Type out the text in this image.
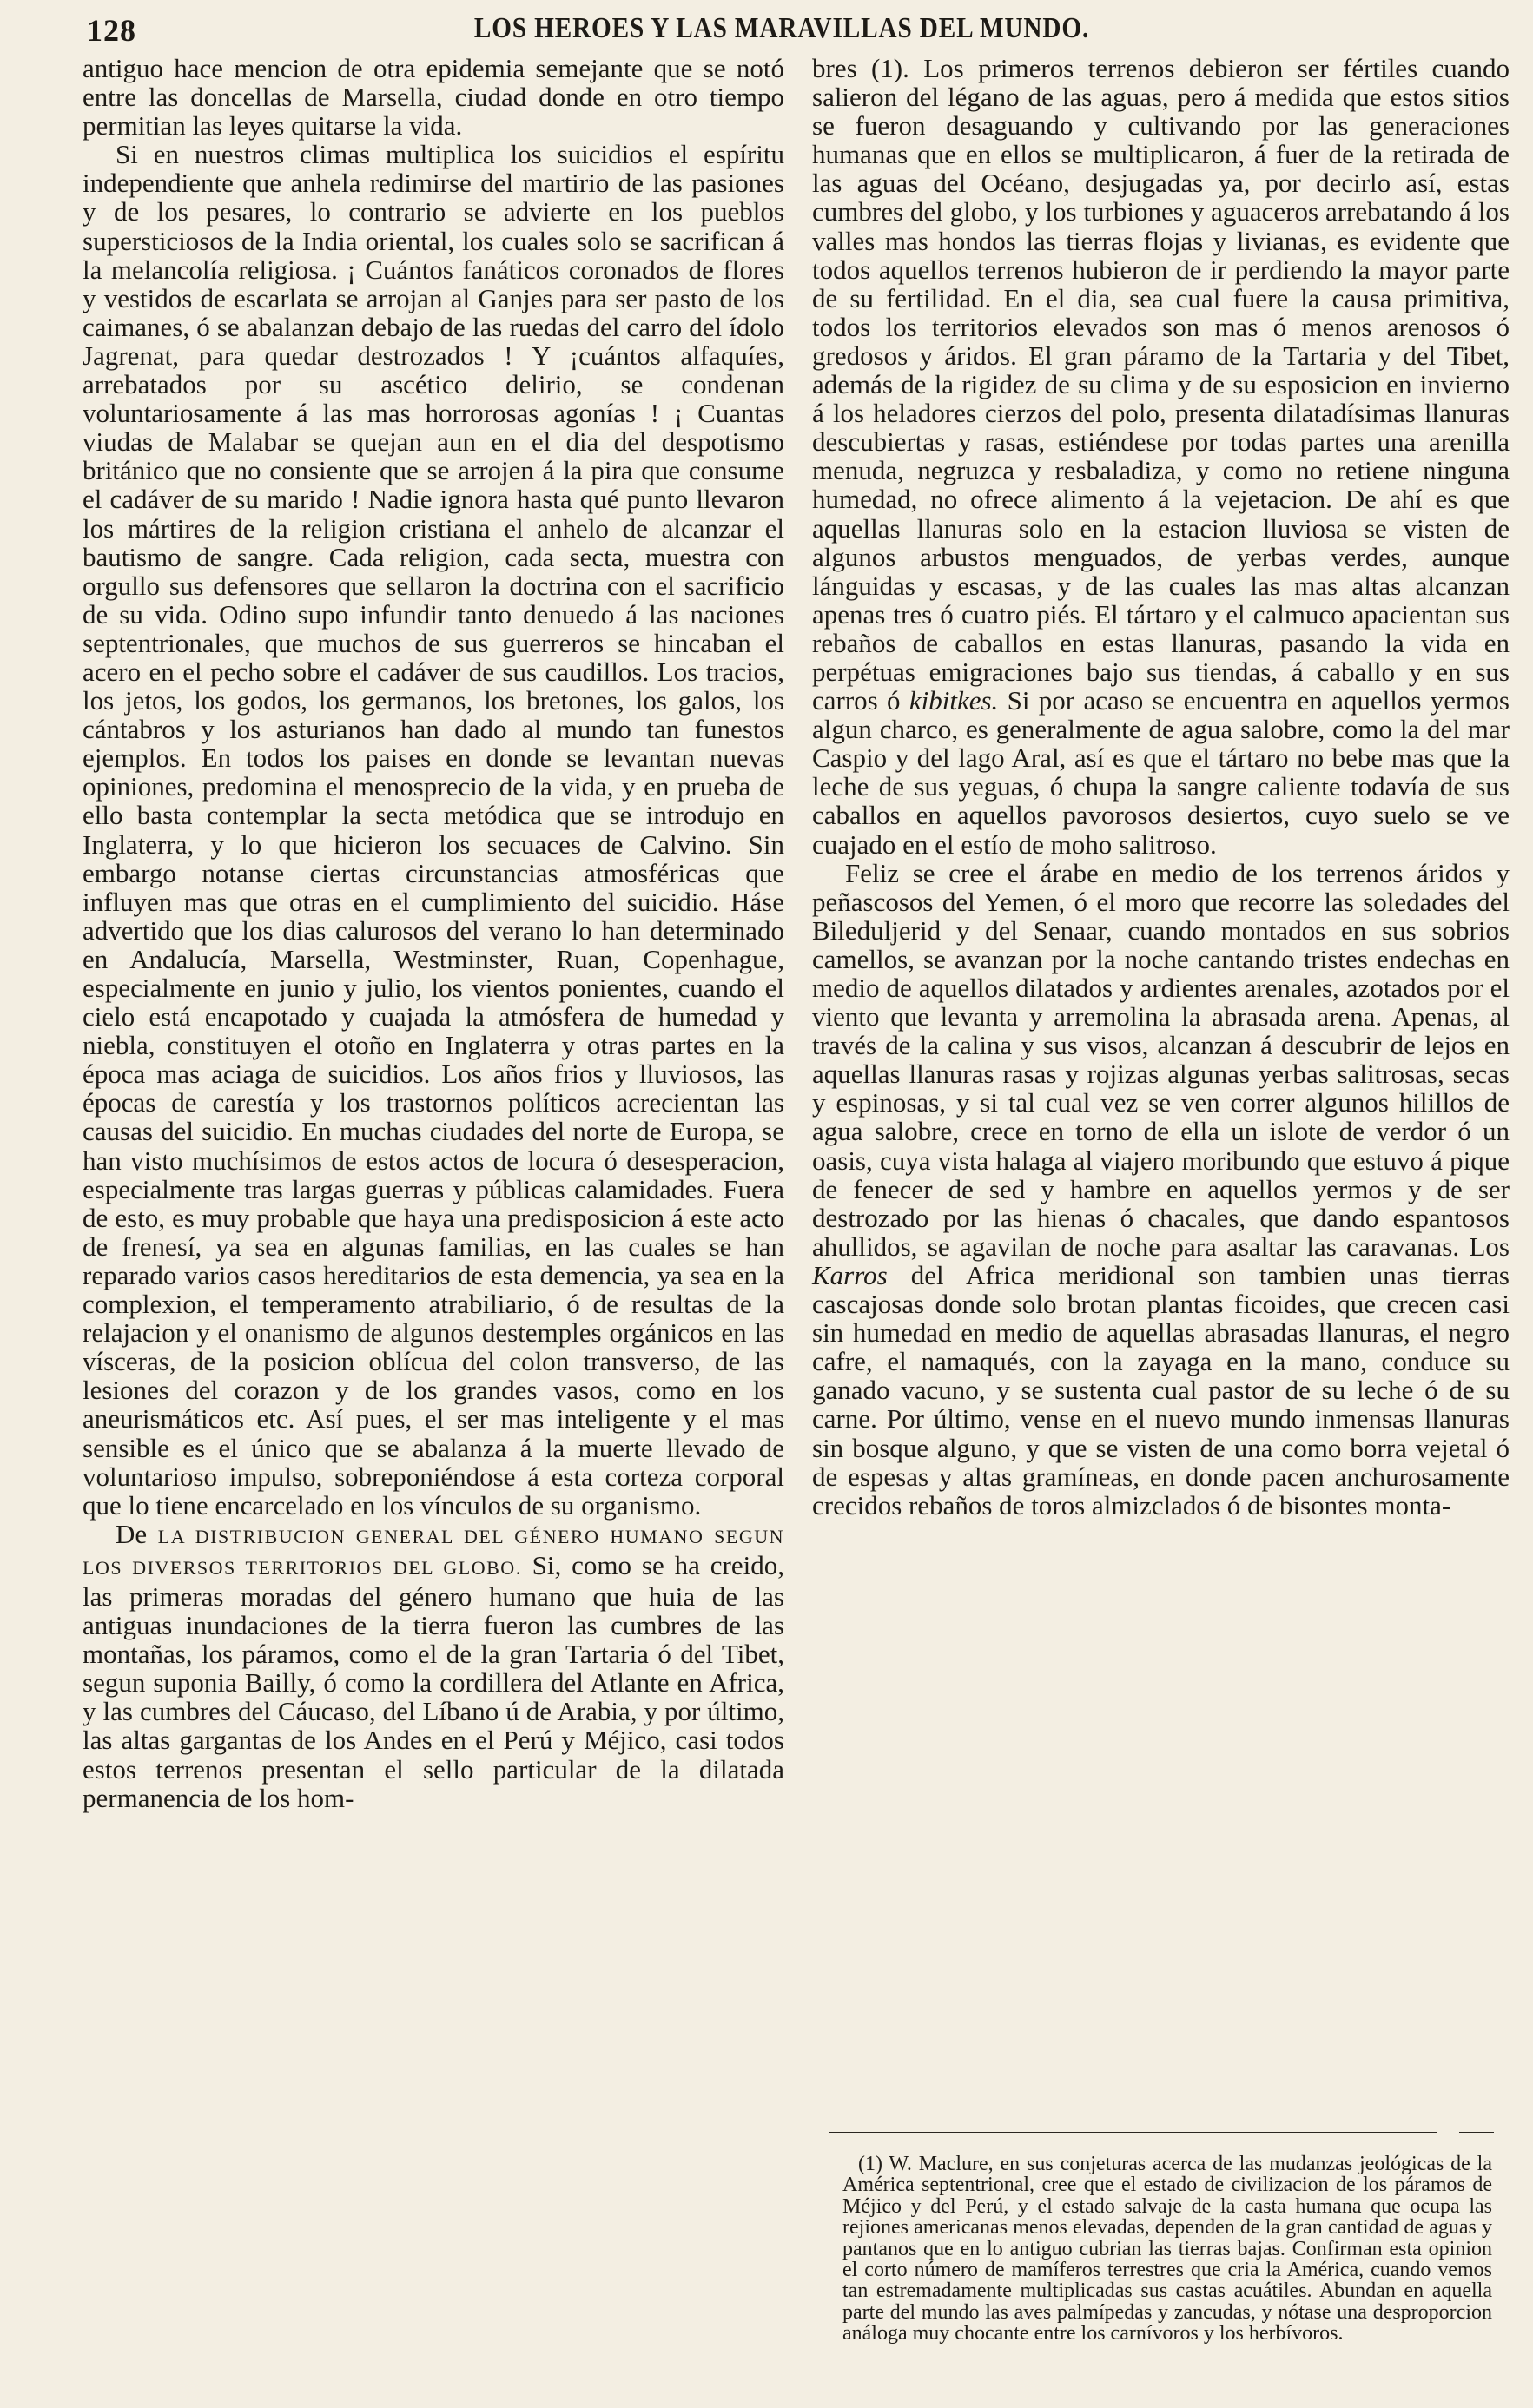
128	LOS HEROES Y LAS MARAVILLAS DEL MUNDO.

antiguo hace mencion de otra epidemia semejante que se notó entre las doncellas de Marsella, ciudad donde en otro tiempo permitian las leyes quitarse la vida.

Si en nuestros climas multiplica los suicidios el espíritu independiente que anhela redimirse del martirio de las pasiones y de los pesares, lo contrario se advierte en los pueblos supersticiosos de la India oriental, los cuales solo se sacrifican á la melancolía religiosa. ¡ Cuántos fanáticos coronados de flores y vestidos de escarlata se arrojan al Ganjes para ser pasto de los caimanes, ó se abalanzan debajo de las ruedas del carro del ídolo Jagrenat, para quedar destrozados ! Y ¡cuántos alfaquíes, arrebatados por su ascético delirio, se condenan voluntariosamente á las mas horrorosas agonías ! ¡ Cuantas viudas de Malabar se quejan aun en el dia del despotismo británico que no consiente que se arrojen á la pira que consume el cadáver de su marido ! Nadie ignora hasta qué punto llevaron los mártires de la religion cristiana el anhelo de alcanzar el bautismo de sangre. Cada religion, cada secta, muestra con orgullo sus defensores que sellaron la doctrina con el sacrificio de su vida. Odino supo infundir tanto denuedo á las naciones septentrionales, que muchos de sus guerreros se hincaban el acero en el pecho sobre el cadáver de sus caudillos. Los tracios, los jetos, los godos, los germanos, los bretones, los galos, los cántabros y los asturianos han dado al mundo tan funestos ejemplos. En todos los paises en donde se levantan nuevas opiniones, predomina el menosprecio de la vida, y en prueba de ello basta contemplar la secta metódica que se introdujo en Inglaterra, y lo que hicieron los secuaces de Calvino. Sin embargo notanse ciertas circunstancias atmosféricas que influyen mas que otras en el cumplimiento del suicidio. Háse advertido que los dias calurosos del verano lo han determinado en Andalucía, Marsella, Westminster, Ruan, Copenhague, especialmente en junio y julio, los vientos ponientes, cuando el cielo está encapotado y cuajada la atmósfera de humedad y niebla, constituyen el otoño en Inglaterra y otras partes en la época mas aciaga de suicidios. Los años frios y lluviosos, las épocas de carestía y los trastornos políticos acrecientan las causas del suicidio. En muchas ciudades del norte de Europa, se han visto muchísimos de estos actos de locura ó desesperacion, especialmente tras largas guerras y públicas calamidades. Fuera de esto, es muy probable que haya una predisposicion á este acto de frenesí, ya sea en algunas familias, en las cuales se han reparado varios casos hereditarios de esta demencia, ya sea en la complexion, el temperamento atrabiliario, ó de resultas de la relajacion y el onanismo de algunos destemples orgánicos en las vísceras, de la posicion oblícua del colon transverso, de las lesiones del corazon y de los grandes vasos, como en los aneurismáticos etc. Así pues, el ser mas inteligente y el mas sensible es el único que se abalanza á la muerte llevado de voluntarioso impulso, sobreponiéndose á esta corteza corporal que lo tiene encarcelado en los vínculos de su organismo.

De LA DISTRIBUCION GENERAL DEL GÉNERO HUMANO SEGUN LOS DIVERSOS TERRITORIOS DEL GLOBO. Si, como se ha creido, las primeras moradas del género humano que huia de las antiguas inundaciones de la tierra fueron las cumbres de las montañas, los páramos, como el de la gran Tartaria ó del Tibet, segun suponia Bailly, ó como la cordillera del Atlante en Africa, y las cumbres del Cáucaso, del Líbano ú de Arabia, y por último, las altas gargantas de los Andes en el Perú y Méjico, casi todos estos terrenos presentan el sello particular de la dilatada permanencia de los hom-

bres (1). Los primeros terrenos debieron ser fértiles cuando salieron del légano de las aguas, pero á medida que estos sitios se fueron desaguando y cultivando por las generaciones humanas que en ellos se multiplicaron, á fuer de la retirada de las aguas del Océano, desjugadas ya, por decirlo así, estas cumbres del globo, y los turbiones y aguaceros arrebatando á los valles mas hondos las tierras flojas y livianas, es evidente que todos aquellos terrenos hubieron de ir perdiendo la mayor parte de su fertilidad. En el dia, sea cual fuere la causa primitiva, todos los territorios elevados son mas ó menos arenosos ó gredosos y áridos. El gran páramo de la Tartaria y del Tibet, además de la rigidez de su clima y de su esposicion en invierno á los heladores cierzos del polo, presenta dilatadísimas llanuras descubiertas y rasas, estiéndese por todas partes una arenilla menuda, negruzca y resbaladiza, y como no retiene ninguna humedad, no ofrece alimento á la vejetacion. De ahí es que aquellas llanuras solo en la estacion lluviosa se visten de algunos arbustos menguados, de yerbas verdes, aunque lánguidas y escasas, y de las cuales las mas altas alcanzan apenas tres ó cuatro piés. El tártaro y el calmuco apacientan sus rebaños de caballos en estas llanuras, pasando la vida en perpétuas emigraciones bajo sus tiendas, á caballo y en sus carros ó kibitkes. Si por acaso se encuentra en aquellos yermos algun charco, es generalmente de agua salobre, como la del mar Caspio y del lago Aral, así es que el tártaro no bebe mas que la leche de sus yeguas, ó chupa la sangre caliente todavía de sus caballos en aquellos pavorosos desiertos, cuyo suelo se ve cuajado en el estío de moho salitroso.

Feliz se cree el árabe en medio de los terrenos áridos y peñascosos del Yemen, ó el moro que recorre las soledades del Bileduljerid y del Senaar, cuando montados en sus sobrios camellos, se avanzan por la noche cantando tristes endechas en medio de aquellos dilatados y ardientes arenales, azotados por el viento que levanta y arremolina la abrasada arena. Apenas, al través de la calina y sus visos, alcanzan á descubrir de lejos en aquellas llanuras rasas y rojizas algunas yerbas salitrosas, secas y espinosas, y si tal cual vez se ven correr algunos hilillos de agua salobre, crece en torno de ella un islote de verdor ó un oasis, cuya vista halaga al viajero moribundo que estuvo á pique de fenecer de sed y hambre en aquellos yermos y de ser destrozado por las hienas ó chacales, que dando espantosos ahullidos, se agavilan de noche para asaltar las caravanas. Los Karros del Africa meridional son tambien unas tierras cascajosas donde solo brotan plantas ficoides, que crecen casi sin humedad en medio de aquellas abrasadas llanuras, el negro cafre, el namaqués, con la zayaga en la mano, conduce su ganado vacuno, y se sustenta cual pastor de su leche ó de su carne. Por último, vense en el nuevo mundo inmensas llanuras sin bosque alguno, y que se visten de una como borra vejetal ó de espesas y altas gramíneas, en donde pacen anchurosamente crecidos rebaños de toros almizclados ó de bisontes monta-

(1) W. Maclure, en sus conjeturas acerca de las mudanzas jeológicas de la América septentrional, cree que el estado de civilizacion de los páramos de Méjico y del Perú, y el estado salvaje de la casta humana que ocupa las rejiones americanas menos elevadas, dependen de la gran cantidad de aguas y pantanos que en lo antiguo cubrian las tierras bajas. Confirman esta opinion el corto número de mamíferos terrestres que cria la América, cuando vemos tan estremadamente multiplicadas sus castas acuátiles. Abundan en aquella parte del mundo las aves palmípedas y zancudas, y nótase una desproporcion análoga muy chocante entre los carnívoros y los herbívoros.
